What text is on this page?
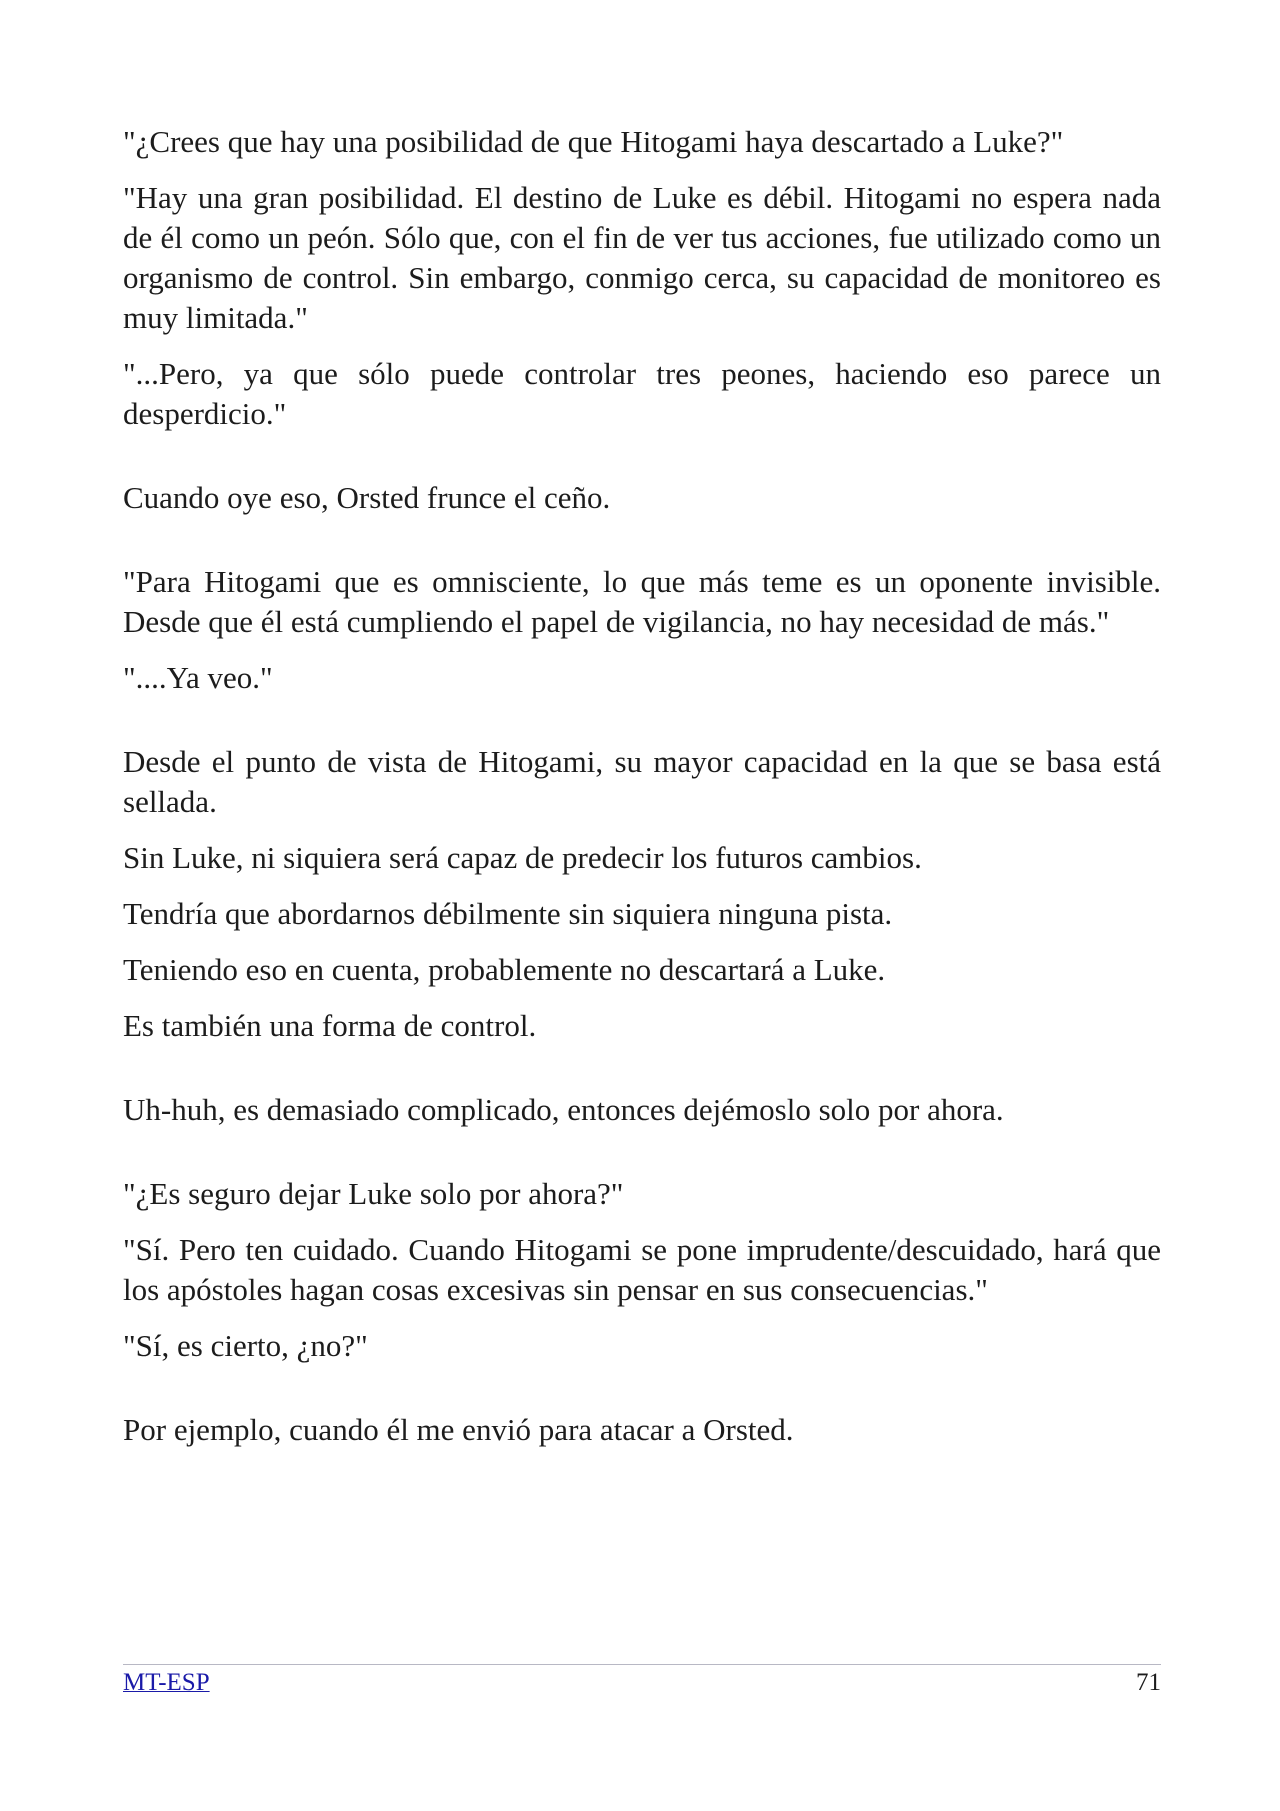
"¿Crees que hay una posibilidad de que Hitogami haya descartado a Luke?"

"Hay una gran posibilidad. El destino de Luke es débil. Hitogami no espera nada de él como un peón. Sólo que, con el fin de ver tus acciones, fue utilizado como un organismo de control. Sin embargo, conmigo cerca, su capacidad de monitoreo es muy limitada."

"...Pero, ya que sólo puede controlar tres peones, haciendo eso parece un desperdicio."

Cuando oye eso, Orsted frunce el ceño.

"Para Hitogami que es omnisciente, lo que más teme es un oponente invisible. Desde que él está cumpliendo el papel de vigilancia, no hay necesidad de más."

"....Ya veo."

Desde el punto de vista de Hitogami, su mayor capacidad en la que se basa está sellada.

Sin Luke, ni siquiera será capaz de predecir los futuros cambios.

Tendría que abordarnos débilmente sin siquiera ninguna pista.

Teniendo eso en cuenta, probablemente no descartará a Luke.

Es también una forma de control.

Uh-huh, es demasiado complicado, entonces dejémoslo solo por ahora.

"¿Es seguro dejar Luke solo por ahora?"

"Sí. Pero ten cuidado. Cuando Hitogami se pone imprudente/descuidado, hará que los apóstoles hagan cosas excesivas sin pensar en sus consecuencias."

"Sí, es cierto, ¿no?"

Por ejemplo, cuando él me envió para atacar a Orsted.

MT-ESP	71
